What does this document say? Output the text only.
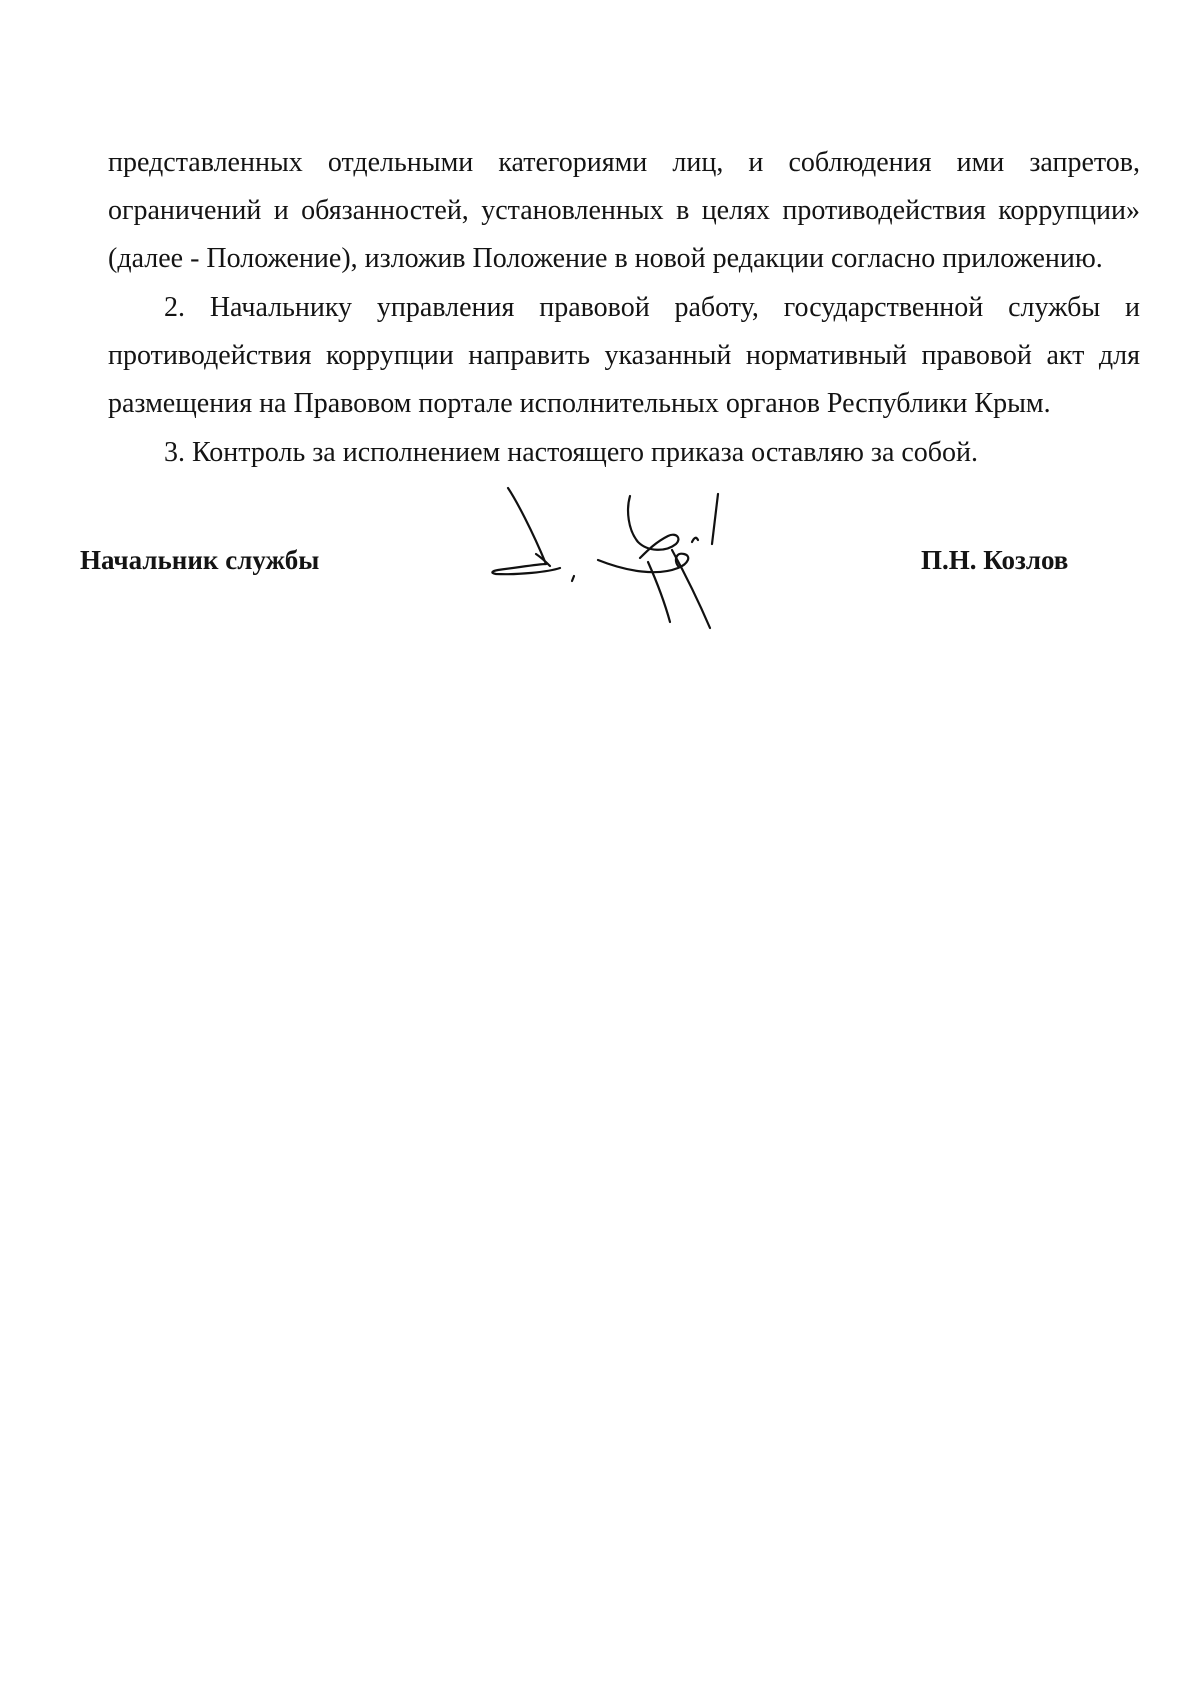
представленных отдельными категориями лиц, и соблюдения ими запретов, ограничений и обязанностей, установленных в целях противодействия коррупции» (далее - Положение), изложив Положение в новой редакции согласно приложению.

2. Начальнику управления правовой работу, государственной службы и противодействия коррупции направить указанный нормативный правовой акт для размещения на Правовом портале исполнительных органов Республики Крым.

3. Контроль за исполнением настоящего приказа оставляю за собой.

Начальник службы	П.Н. Козлов
